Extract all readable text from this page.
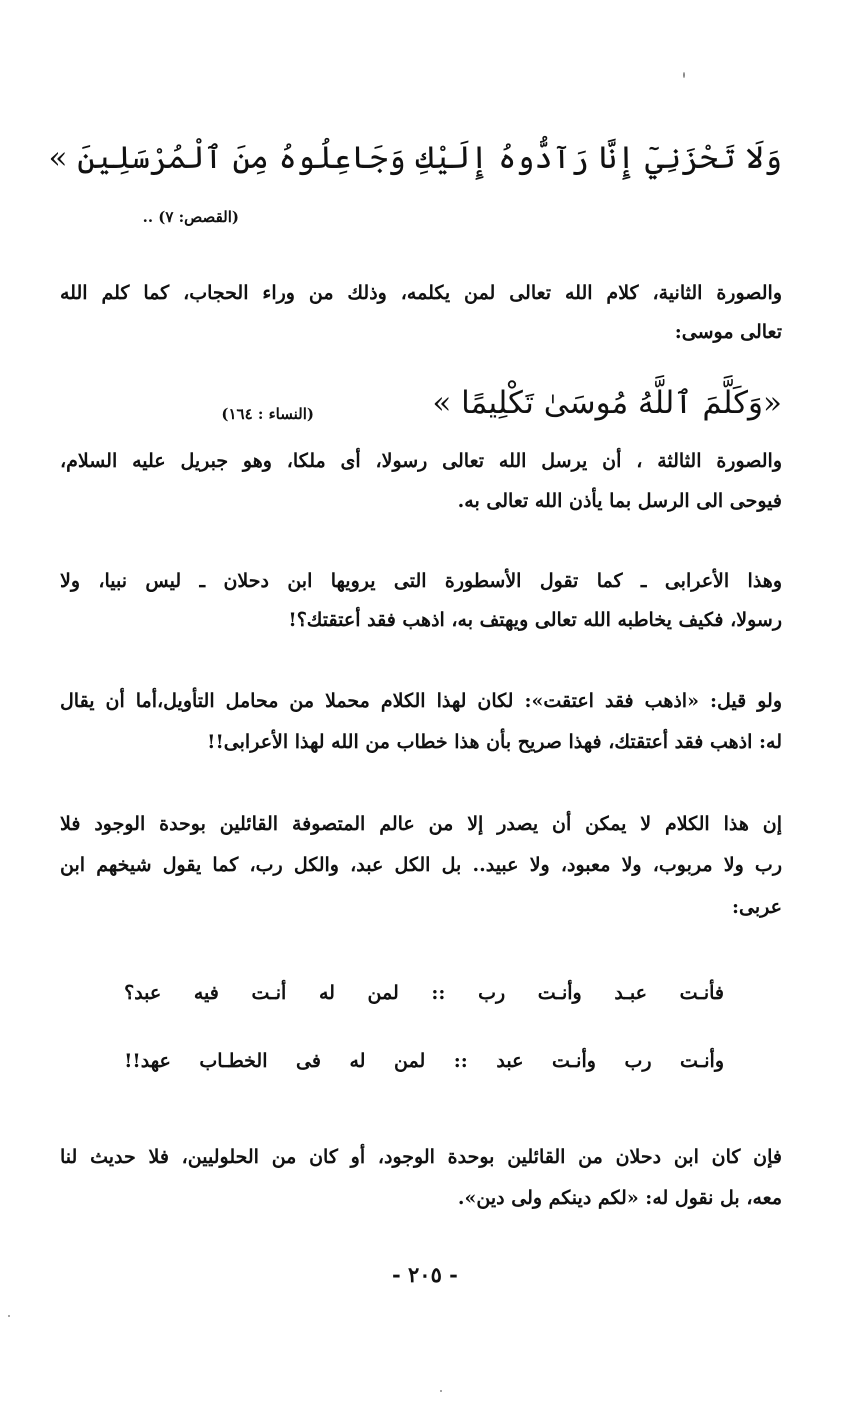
وَلَا تَحْزَنِيٓ إِنَّا رَآدُّوهُ إِلَيْكِ وَجَاعِلُوهُ مِنَ ٱلْمُرْسَلِينَ »
(القصص: ٧) ..
والصورة الثانية، كلام الله تعالى لمن يكلمه، وذلك من وراء الحجاب، كما كلم الله
تعالى موسى:
«وَكَلَّمَ ٱللَّهُ مُوسَىٰ تَكْلِيمًا »
(النساء : ١٦٤)
والصورة الثالثة ، أن يرسل الله تعالى رسولا، أى ملكا، وهو جبريل عليه السلام،
فيوحى الى الرسل بما يأذن الله تعالى به.
وهذا الأعرابى ـ كما تقول الأسطورة التى يرويها ابن دحلان ـ ليس نبيا، ولا
رسولا، فكيف يخاطبه الله تعالى ويهتف به، اذهب فقد أعتقتك؟!
ولو قيل: «اذهب فقد اعتقت»: لكان لهذا الكلام محملا من محامل التأويل،أما أن يقال
له: اذهب فقد أعتقتك، فهذا صريح بأن هذا خطاب من الله لهذا الأعرابى!!
إن هذا الكلام لا يمكن أن يصدر إلا من عالم المتصوفة القائلين بوحدة الوجود فلا
رب ولا مربوب، ولا معبود، ولا عبيد.. بل الكل عبد، والكل رب، كما يقول شيخهم ابن
عربى:
فأنـت
عبـد
وأنـت
رب
::
لمن
له
أنـت
فيه
عبد؟
وأنـت
رب
وأنـت
عبد
::
لمن
له
فى
الخطـاب
عهد!!
فإن كان ابن دحلان من القائلين بوحدة الوجود، أو كان من الحلوليين، فلا حديث لنا
معه، بل نقول له: «لكم دينكم ولى دين».
- ٢٠٥ -
